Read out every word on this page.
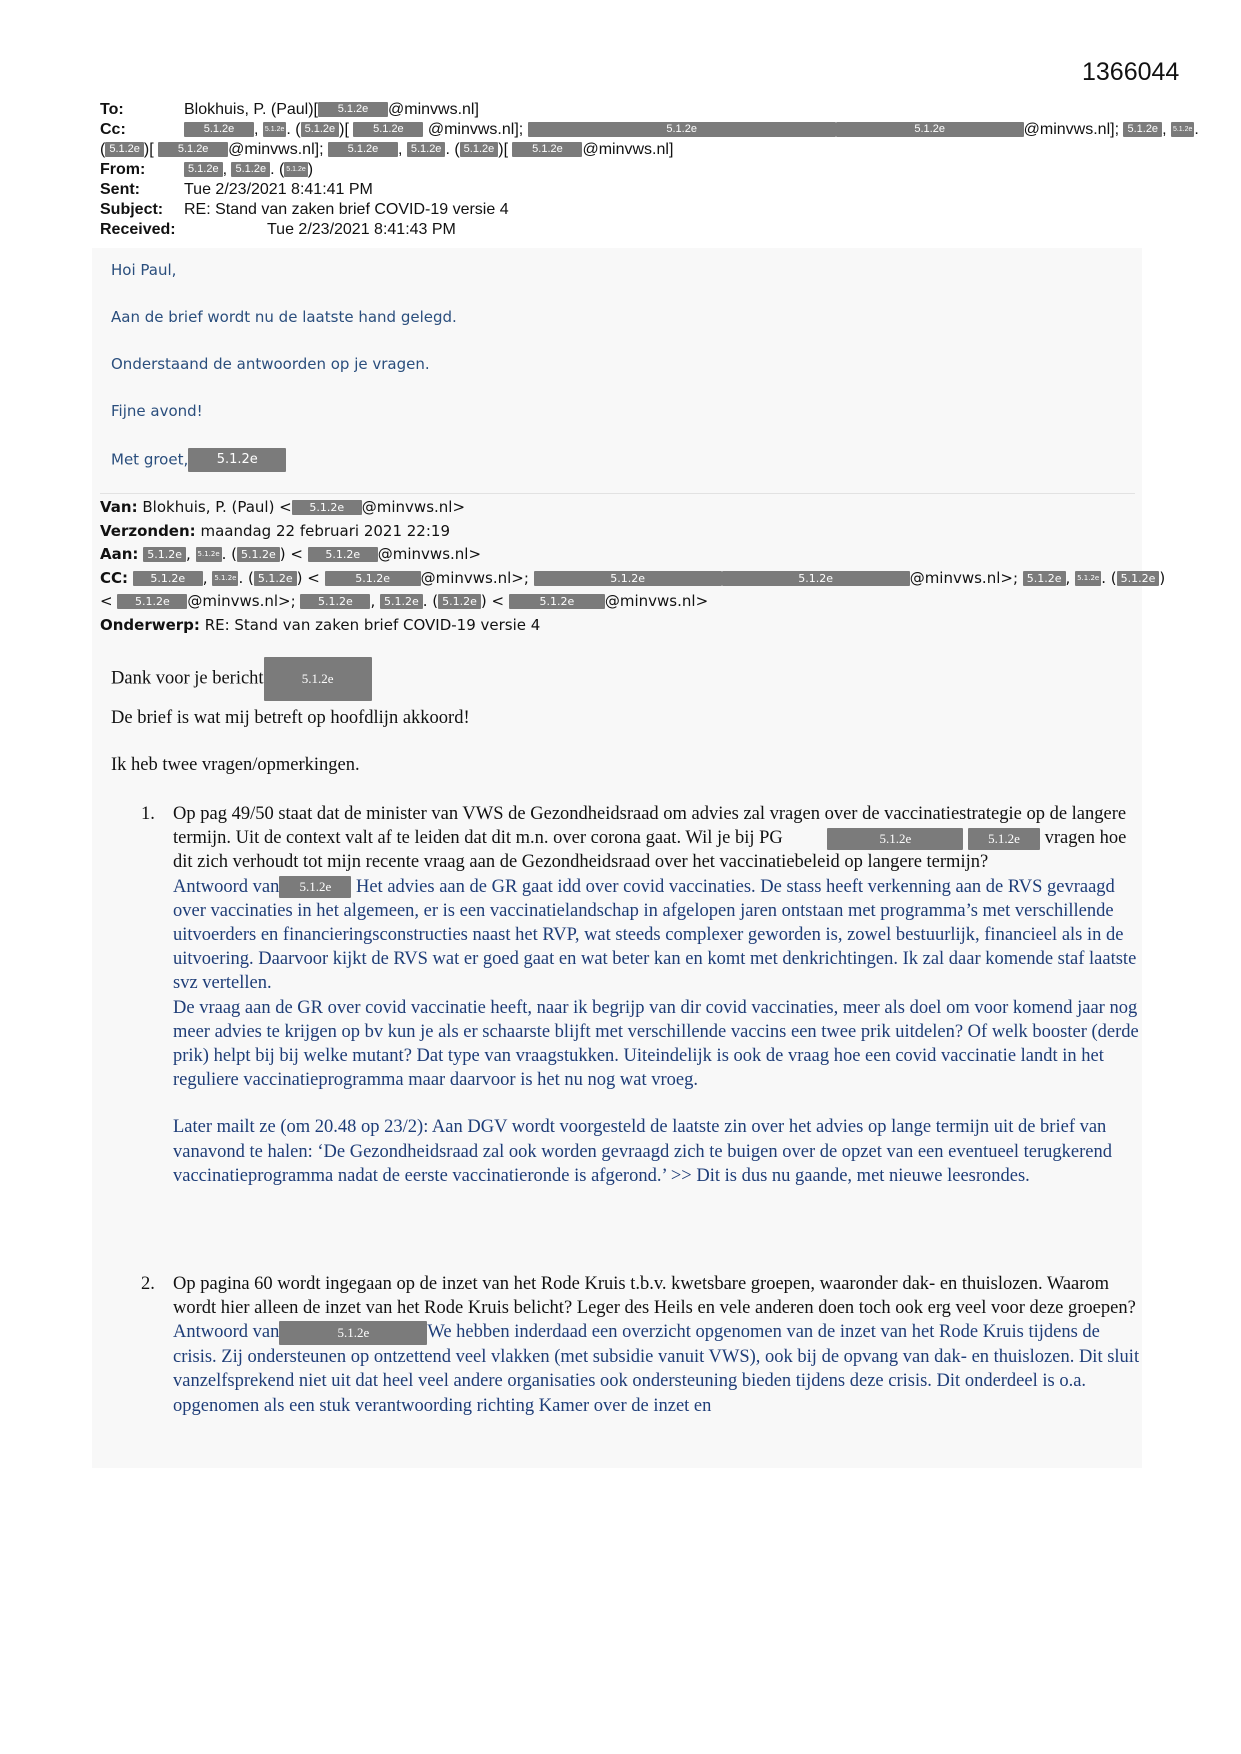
1366044
To:	Blokhuis, P. (Paul)[ 5.1.2e @minvws.nl]
Cc:	5.1.2e , 5.1.2e . ( 5.1.2e )[ 5.1.2e @minvws.nl];	5.1.2e	5.1.2e	@minvws.nl]; 5.1.2e , 5.1.2e .
( 5.1.2e )[ 5.1.2e @minvws.nl]; 5.1.2e , 5.1.2e . ( 5.1.2e )[ 5.1.2e @minvws.nl]
From:	5.1.2e , 5.1.2e . ( 5.1.2e )
Sent:	Tue 2/23/2021 8:41:41 PM
Subject: RE: Stand van zaken brief COVID-19 versie 4
Received:	Tue 2/23/2021 8:41:43 PM

Hoi Paul,

Aan de brief wordt nu de laatste hand gelegd.

Onderstaand de antwoorden op je vragen.

Fijne avond!

Met groet, 5.1.2e

Van: Blokhuis, P. (Paul) < 5.1.2e @minvws.nl>
Verzonden: maandag 22 februari 2021 22:19
Aan: 5.1.2e , 5.1.2e . ( 5.1.2e ) < 5.1.2e @minvws.nl>
CC: 5.1.2e , 5.1.2e . ( 5.1.2e ) <	5.1.2e @minvws.nl>;	5.1.2e	5.1.2e	@minvws.nl>; 5.1.2e , 5.1.2e . ( 5.1.2e )
< 5.1.2e @minvws.nl>; 5.1.2e , 5.1.2e . ( 5.1.2e ) <	5.1.2e @minvws.nl>
Onderwerp: RE: Stand van zaken brief COVID-19 versie 4

Dank voor je bericht	5.1.2e

De brief is wat mij betreft op hoofdlijn akkoord!

Ik heb twee vragen/opmerkingen.

1. Op pag 49/50 staat dat de minister van VWS de Gezondheidsraad om advies zal vragen over de vaccinatiestrategie op de langere termijn. Uit de context valt af te leiden dat dit m.n. over corona gaat. Wil je bij PG	5.1.2e	5.1.2e vragen hoe dit zich verhoudt tot mijn recente vraag aan de Gezondheidsraad over het vaccinatiebeleid op langere termijn?
Antwoord van 5.1.2e Het advies aan de GR gaat idd over covid vaccinaties. De stass heeft verkenning aan de RVS gevraagd over vaccinaties in het algemeen, er is een vaccinatielandschap in afgelopen jaren ontstaan met programma’s met verschillende uitvoerders en financieringsconstructies naast het RVP, wat steeds complexer geworden is, zowel bestuurlijk, financieel als in de uitvoering. Daarvoor kijkt de RVS wat er goed gaat en wat beter kan en komt met denkrichtingen. Ik zal daar komende staf laatste svz vertellen.
De vraag aan de GR over covid vaccinatie heeft, naar ik begrijp van dir covid vaccinaties, meer als doel om voor komend jaar nog meer advies te krijgen op bv kun je als er schaarste blijft met verschillende vaccins een twee prik uitdelen? Of welk booster (derde prik) helpt bij bij welke mutant? Dat type van vraagstukken. Uiteindelijk is ook de vraag hoe een covid vaccinatie landt in het reguliere vaccinatieprogramma maar daarvoor is het nu nog wat vroeg.
Later mailt ze (om 20.48 op 23/2): Aan DGV wordt voorgesteld de laatste zin over het advies op lange termijn uit de brief van vanavond te halen: ‘De Gezondheidsraad zal ook worden gevraagd zich te buigen over de opzet van een eventueel terugkerend vaccinatieprogramma nadat de eerste vaccinatieronde is afgerond.’ >> Dit is dus nu gaande, met nieuwe leesrondes.
2. Op pagina 60 wordt ingegaan op de inzet van het Rode Kruis t.b.v. kwetsbare groepen, waaronder dak- en thuislozen. Waarom wordt hier alleen de inzet van het Rode Kruis belicht? Leger des Heils en vele anderen doen toch ook erg veel voor deze groepen?
Antwoord van	5.1.2e	We hebben inderdaad een overzicht opgenomen van de inzet van het Rode Kruis tijdens de crisis. Zij ondersteunen op ontzettend veel vlakken (met subsidie vanuit VWS), ook bij de opvang van dak- en thuislozen. Dit sluit vanzelfsprekend niet uit dat heel veel andere organisaties ook ondersteuning bieden tijdens deze crisis. Dit onderdeel is o.a. opgenomen als een stuk verantwoording richting Kamer over de inzet en
